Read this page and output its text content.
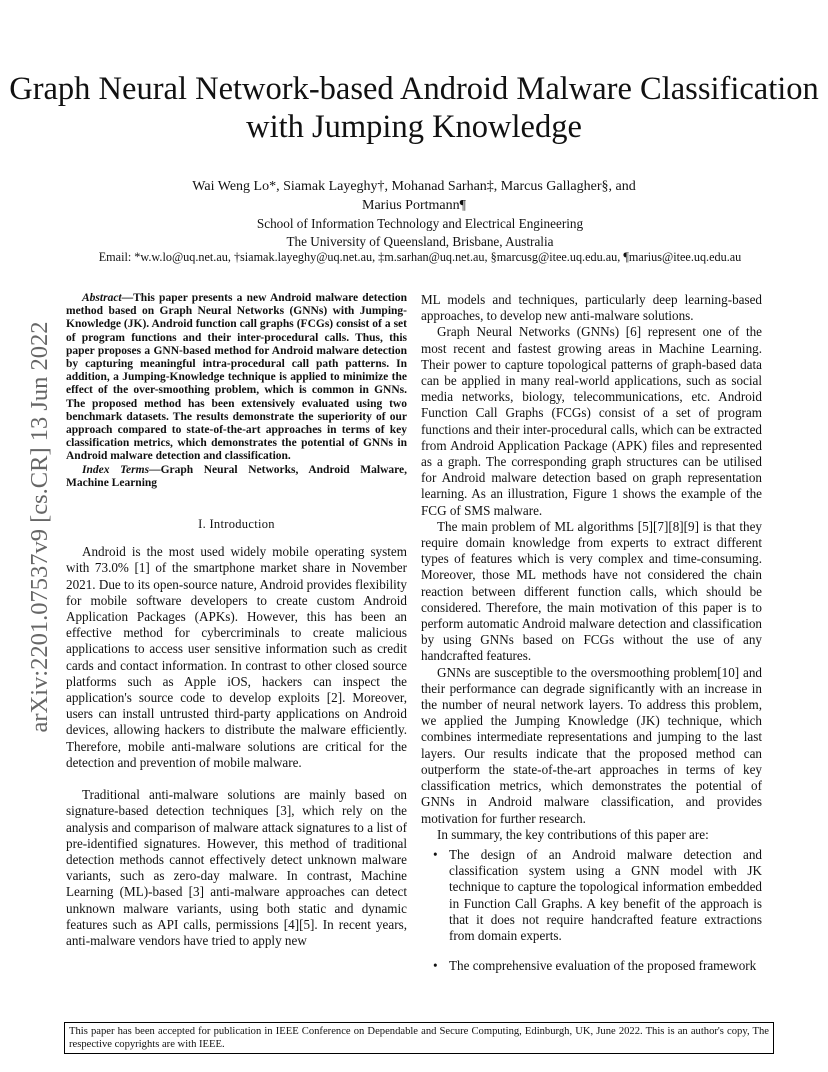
Graph Neural Network-based Android Malware Classification with Jumping Knowledge
Wai Weng Lo*, Siamak Layeghy†, Mohanad Sarhan‡, Marcus Gallagher§, and
Marius Portmann¶
School of Information Technology and Electrical Engineering
The University of Queensland, Brisbane, Australia
Email: *w.w.lo@uq.net.au, †siamak.layeghy@uq.net.au, ‡m.sarhan@uq.net.au, §marcusg@itee.uq.edu.au, ¶marius@itee.uq.edu.au
arXiv:2201.07537v9 [cs.CR] 13 Jun 2022

Abstract—This paper presents a new Android malware detection method based on Graph Neural Networks (GNNs) with Jumping-Knowledge (JK). Android function call graphs (FCGs) consist of a set of program functions and their inter-procedural calls. Thus, this paper proposes a GNN-based method for Android malware detection by capturing meaningful intra-procedural call path patterns. In addition, a Jumping-Knowledge technique is applied to minimize the effect of the over-smoothing problem, which is common in GNNs. The proposed method has been extensively evaluated using two benchmark datasets. The results demonstrate the superiority of our approach compared to state-of-the-art approaches in terms of key classification metrics, which demonstrates the potential of GNNs in Android malware detection and classification.

Index Terms—Graph Neural Networks, Android Malware, Machine Learning

I. Introduction

Android is the most used widely mobile operating system with 73.0% [1] of the smartphone market share in November 2021. Due to its open-source nature, Android provides flexibility for mobile software developers to create custom Android Application Packages (APKs). However, this has been an effective method for cybercriminals to create malicious applications to access user sensitive information such as credit cards and contact information. In contrast to other closed source platforms such as Apple iOS, hackers can inspect the application's source code to develop exploits [2]. Moreover, users can install untrusted third-party applications on Android devices, allowing hackers to distribute the malware efficiently. Therefore, mobile anti-malware solutions are critical for the detection and prevention of mobile malware.

Traditional anti-malware solutions are mainly based on signature-based detection techniques [3], which rely on the analysis and comparison of malware attack signatures to a list of pre-identified signatures. However, this method of traditional detection methods cannot effectively detect unknown malware variants, such as zero-day malware. In contrast, Machine Learning (ML)-based [3] anti-malware approaches can detect unknown malware variants, using both static and dynamic features such as API calls, permissions [4][5]. In recent years, anti-malware vendors have tried to apply new

ML models and techniques, particularly deep learning-based approaches, to develop new anti-malware solutions.

Graph Neural Networks (GNNs) [6] represent one of the most recent and fastest growing areas in Machine Learning. Their power to capture topological patterns of graph-based data can be applied in many real-world applications, such as social media networks, biology, telecommunications, etc. Android Function Call Graphs (FCGs) consist of a set of program functions and their inter-procedural calls, which can be extracted from Android Application Package (APK) files and represented as a graph. The corresponding graph structures can be utilised for Android malware detection based on graph representation learning. As an illustration, Figure 1 shows the example of the FCG of SMS malware.

The main problem of ML algorithms [5][7][8][9] is that they require domain knowledge from experts to extract different types of features which is very complex and time-consuming. Moreover, those ML methods have not considered the chain reaction between different function calls, which should be considered. Therefore, the main motivation of this paper is to perform automatic Android malware detection and classification by using GNNs based on FCGs without the use of any handcrafted features.

GNNs are susceptible to the oversmoothing problem[10] and their performance can degrade significantly with an increase in the number of neural network layers. To address this problem, we applied the Jumping Knowledge (JK) technique, which combines intermediate representations and jumping to the last layers. Our results indicate that the proposed method can outperform the state-of-the-art approaches in terms of key classification metrics, which demonstrates the potential of GNNs in Android malware classification, and provides motivation for further research.

In summary, the key contributions of this paper are:

• The design of an Android malware detection and classification system using a GNN model with JK technique to capture the topological information embedded in Function Call Graphs. A key benefit of the approach is that it does not require handcrafted feature extractions from domain experts.
• The comprehensive evaluation of the proposed framework
This paper has been accepted for publication in IEEE Conference on Dependable and Secure Computing, Edinburgh, UK, June 2022. This is an author's copy, The respective copyrights are with IEEE.
